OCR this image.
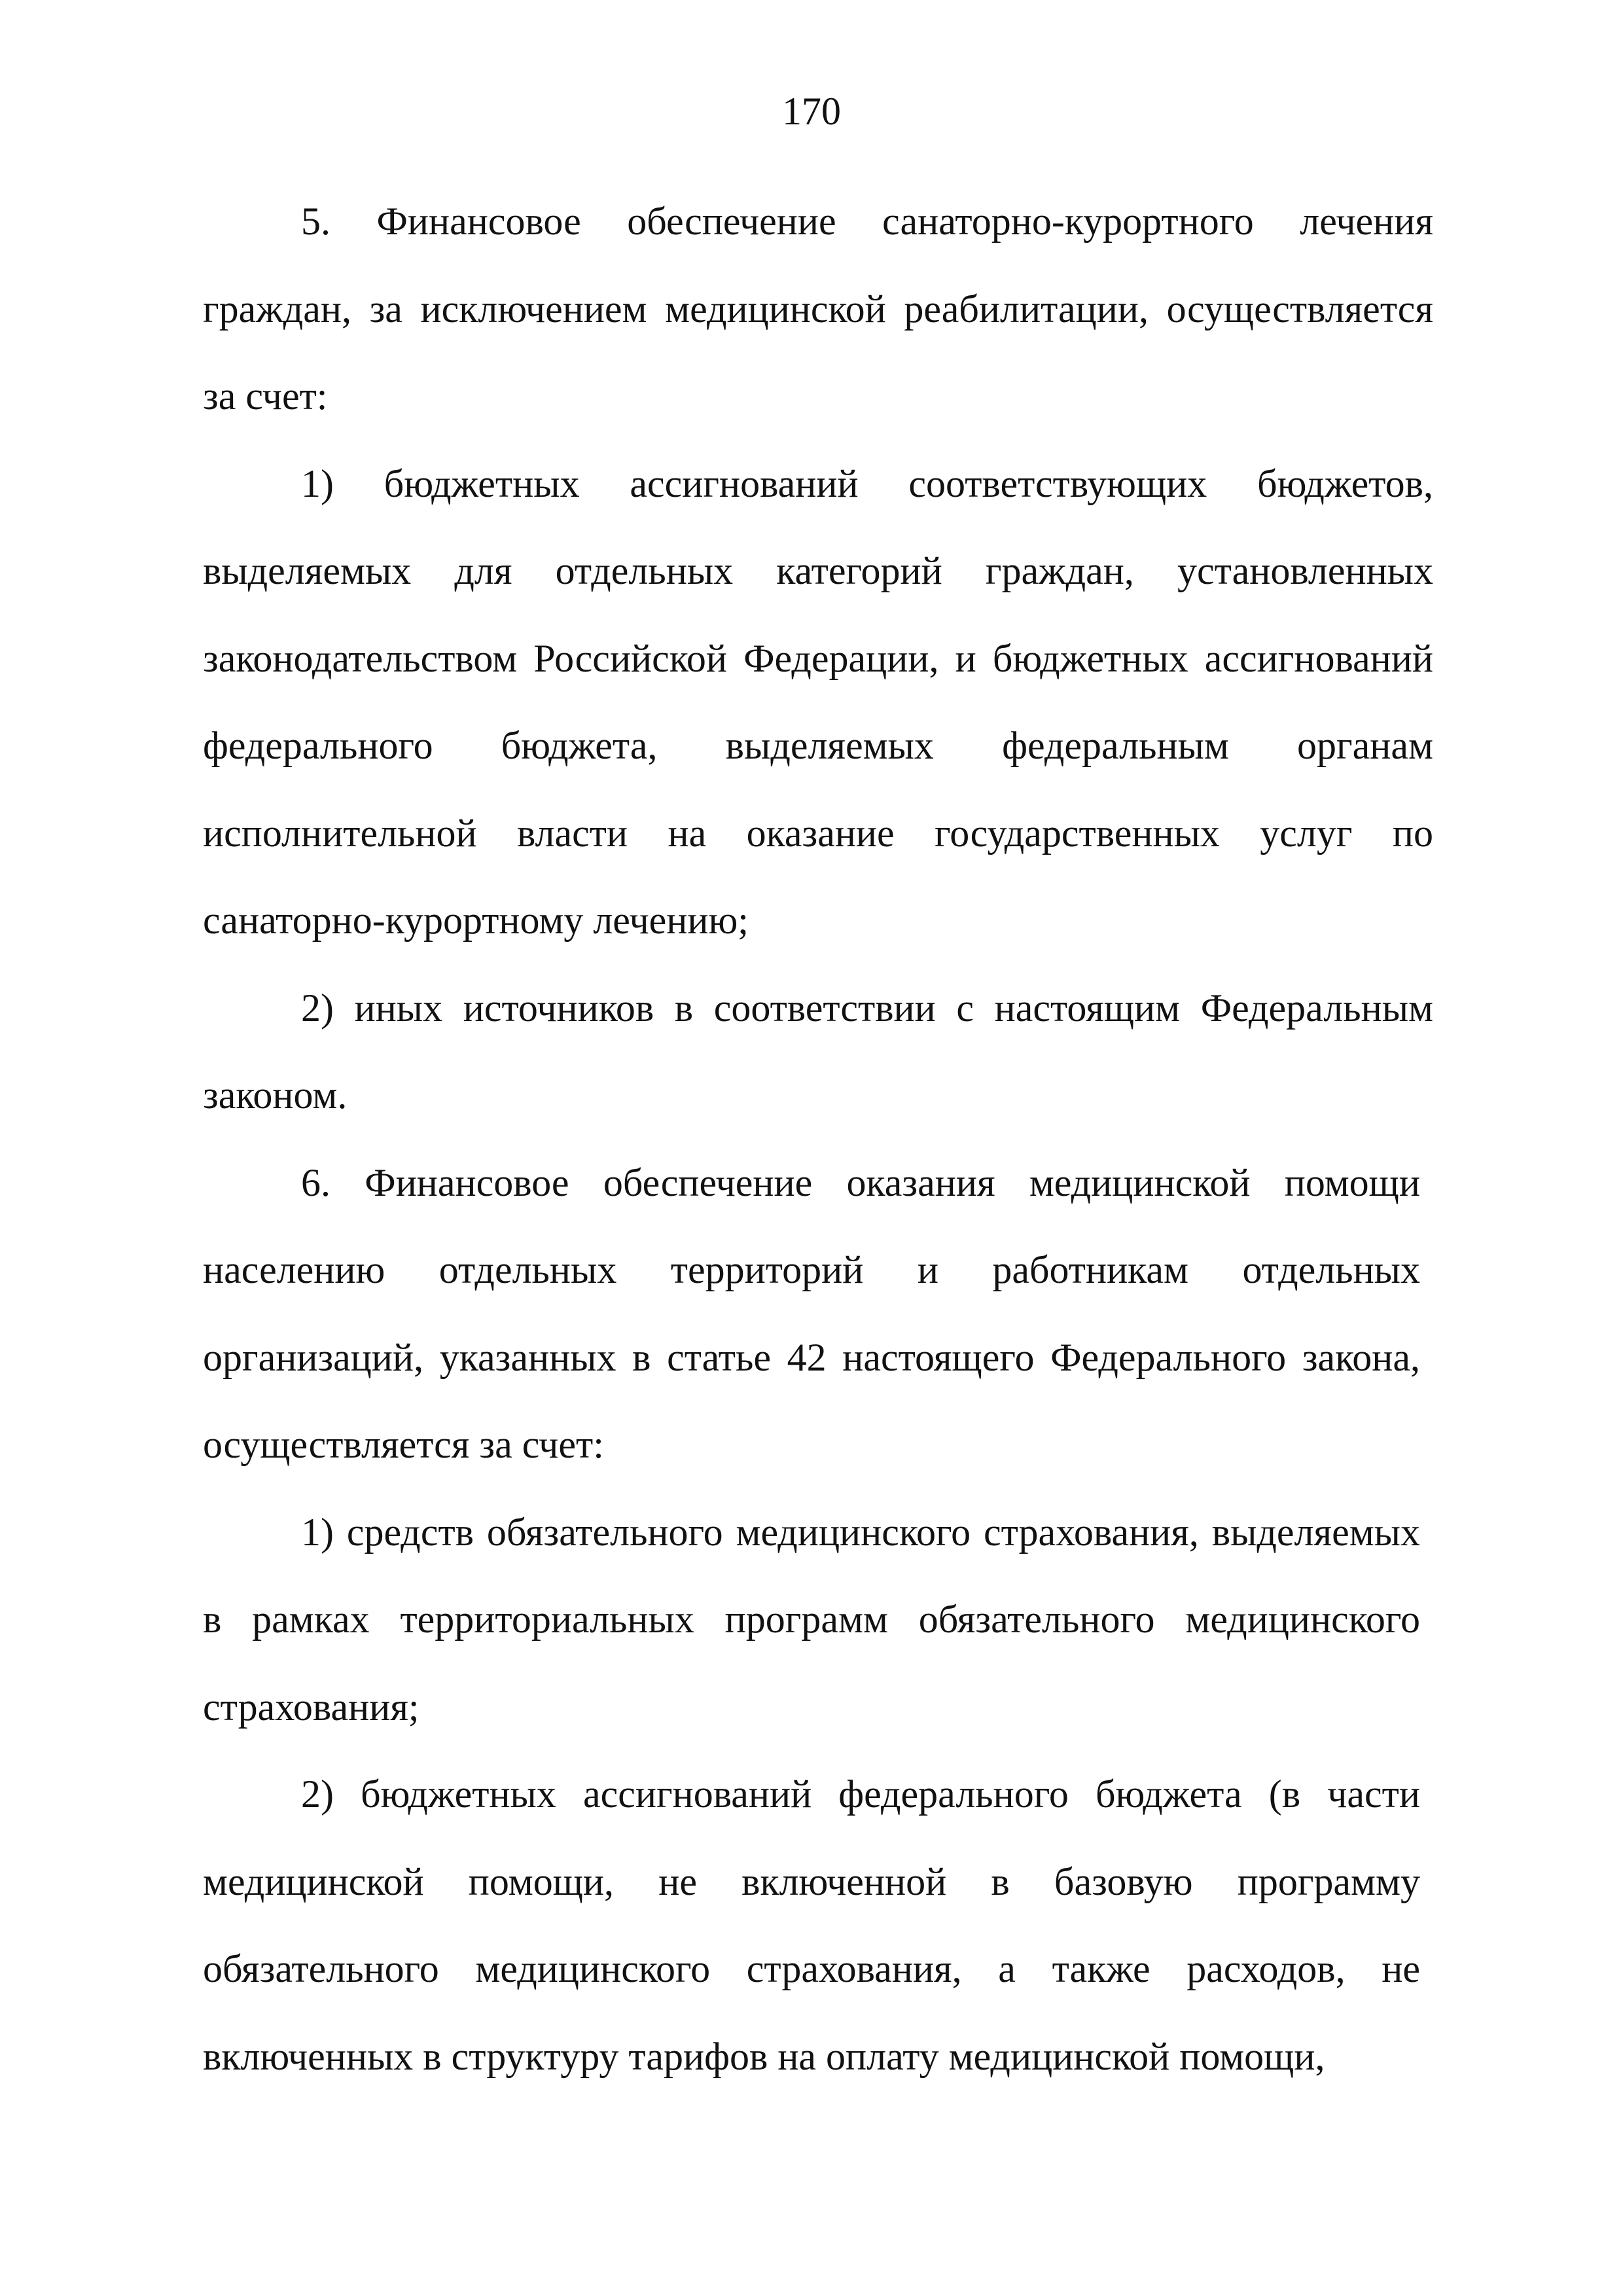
170

5. Финансовое обеспечение санаторно-курортного лечения граждан, за исключением медицинской реабилитации, осуществляется за счет:

1) бюджетных ассигнований соответствующих бюджетов, выделяемых для отдельных категорий граждан, установленных законодательством Российской Федерации, и бюджетных ассигнований федерального бюджета, выделяемых федеральным органам исполнительной власти на оказание государственных услуг по санаторно-курортному лечению;

2) иных источников в соответствии с настоящим Федеральным законом.

6. Финансовое обеспечение оказания медицинской помощи населению отдельных территорий и работникам отдельных организаций, указанных в статье 42 настоящего Федерального закона, осуществляется за счет:

1) средств обязательного медицинского страхования, выделяемых в рамках территориальных программ обязательного медицинского страхования;

2) бюджетных ассигнований федерального бюджета (в части медицинской помощи, не включенной в базовую программу обязательного медицинского страхования, а также расходов, не включенных в структуру тарифов на оплату медицинской помощи,
